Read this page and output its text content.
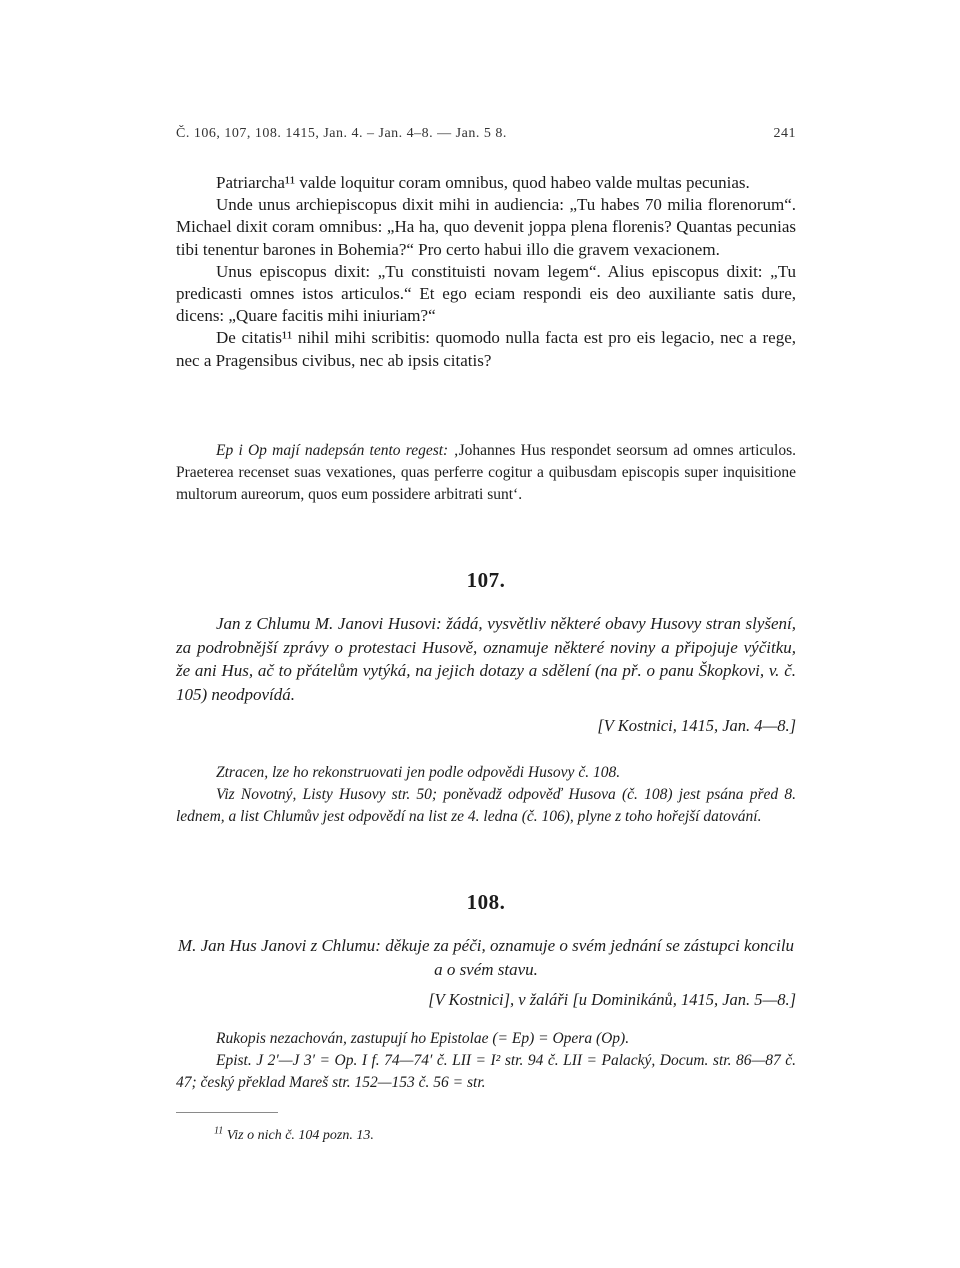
Č. 106, 107, 108. 1415, Jan. 4. – Jan. 4–8. — Jan. 5 8.	241

Patriarcha¹¹ valde loquitur coram omnibus, quod habeo valde multas pecunias.

Unde unus archiepiscopus dixit mihi in audiencia: „Tu habes 70 milia florenorum“. Michael dixit coram omnibus: „Ha ha, quo devenit joppa plena florenis? Quantas pecunias tibi tenentur barones in Bohemia?“ Pro certo habui illo die gravem vexacionem.

Unus episcopus dixit: „Tu constituisti novam legem“. Alius episcopus dixit: „Tu predicasti omnes istos articulos.“ Et ego eciam respondi eis deo auxiliante satis dure, dicens: „Quare facitis mihi iniuriam?“

De citatis¹¹ nihil mihi scribitis: quomodo nulla facta est pro eis legacio, nec a rege, nec a Pragensibus civibus, nec ab ipsis citatis?

Ep i Op mají nadepsán tento regest: ‚Johannes Hus respondet seorsum ad omnes articulos. Praeterea recenset suas vexationes, quas perferre cogitur a quibusdam episcopis super inquisitione multorum aureorum, quos eum possidere arbitrati sunt‘.

107.

Jan z Chlumu M. Janovi Husovi: žádá, vysvětliv některé obavy Husovy stran slyšení, za podrobnější zprávy o protestaci Husově, oznamuje některé noviny a připojuje výčitku, že ani Hus, ač to přátelům vytýká, na jejich dotazy a sdělení (na př. o panu Škopkovi, v. č. 105) neodpovídá.

[V Kostnici, 1415, Jan. 4—8.]

Ztracen, lze ho rekonstruovati jen podle odpovědi Husovy č. 108.

Viz Novotný, Listy Husovy str. 50; poněvadž odpověď Husova (č. 108) jest psána před 8. lednem, a list Chlumův jest odpovědí na list ze 4. ledna (č. 106), plyne z toho hořejší datování.

108.

M. Jan Hus Janovi z Chlumu: děkuje za péči, oznamuje o svém jednání se zástupci koncilu a o svém stavu.

[V Kostnici], v žaláři [u Dominikánů, 1415, Jan. 5—8.]

Rukopis nezachován, zastupují ho Epistolae (= Ep) = Opera (Op).

Epist. J 2′—J 3′ = Op. I f. 74—74′ č. LII = I² str. 94 č. LII = Palacký, Docum. str. 86—87 č. 47; český překlad Mareš str. 152—153 č. 56 = str.

$^{11}$ Viz o nich č. 104 pozn. 13.
